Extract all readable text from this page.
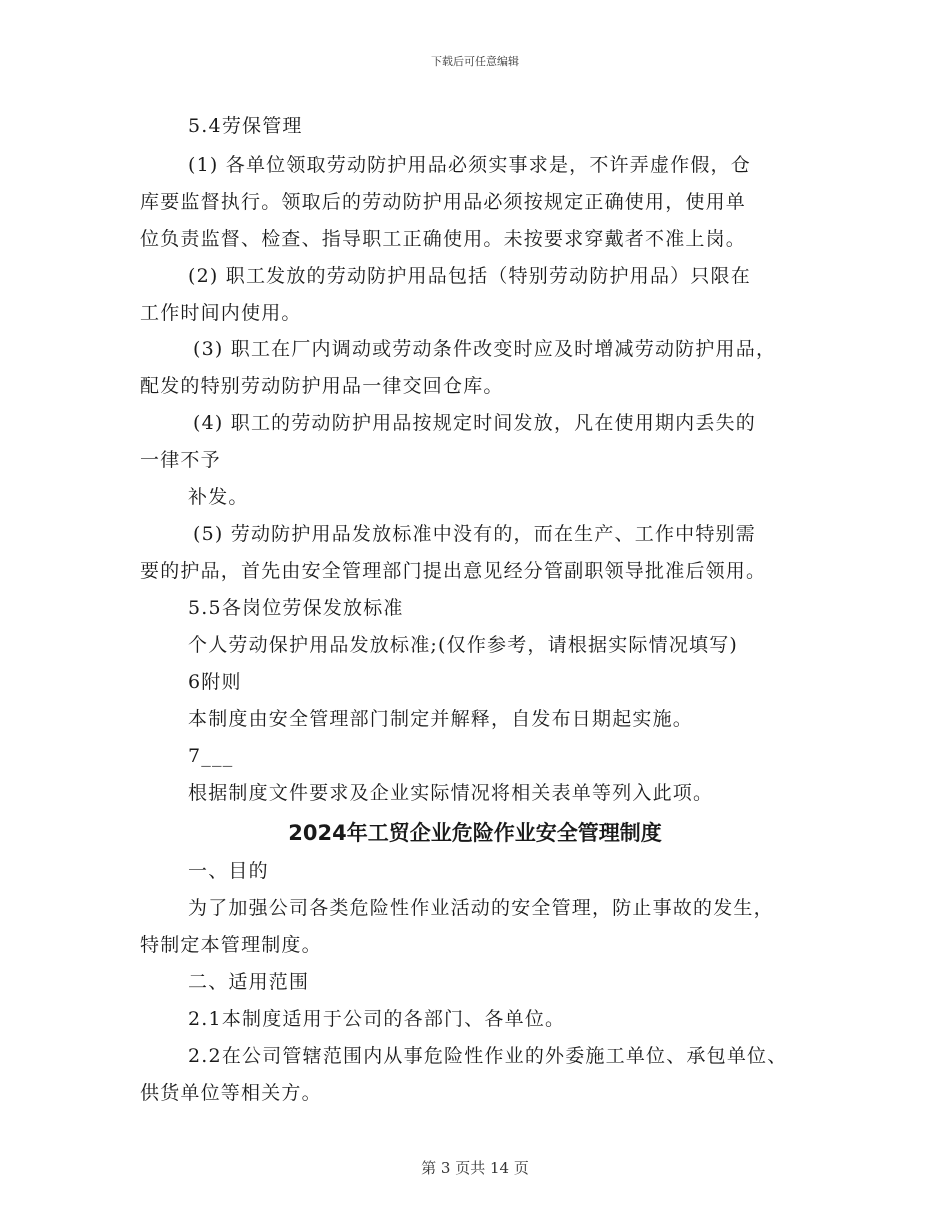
下载后可任意编辑
5.4劳保管理
(1) 各单位领取劳动防护用品必须实事求是，不许弄虚作假，仓
库要监督执行。领取后的劳动防护用品必须按规定正确使用，使用单
位负责监督、检查、指导职工正确使用。未按要求穿戴者不准上岗。
(2) 职工发放的劳动防护用品包括（特别劳动防护用品）只限在
工作时间内使用。
(3) 职工在厂内调动或劳动条件改变时应及时增减劳动防护用品，
配发的特别劳动防护用品一律交回仓库。
(4) 职工的劳动防护用品按规定时间发放，凡在使用期内丢失的
一律不予
补发。
(5) 劳动防护用品发放标准中没有的，而在生产、工作中特别需
要的护品，首先由安全管理部门提出意见经分管副职领导批准后领用。
5.5各岗位劳保发放标准
个人劳动保护用品发放标准;(仅作参考，请根据实际情况填写)
6附则
本制度由安全管理部门制定并解释，自发布日期起实施。
7___
根据制度文件要求及企业实际情况将相关表单等列入此项。
2024年工贸企业危险作业安全管理制度
一、目的
为了加强公司各类危险性作业活动的安全管理，防止事故的发生，
特制定本管理制度。
二、适用范围
2.1本制度适用于公司的各部门、各单位。
2.2在公司管辖范围内从事危险性作业的外委施工单位、承包单位、
供货单位等相关方。
第 3 页共 14 页
